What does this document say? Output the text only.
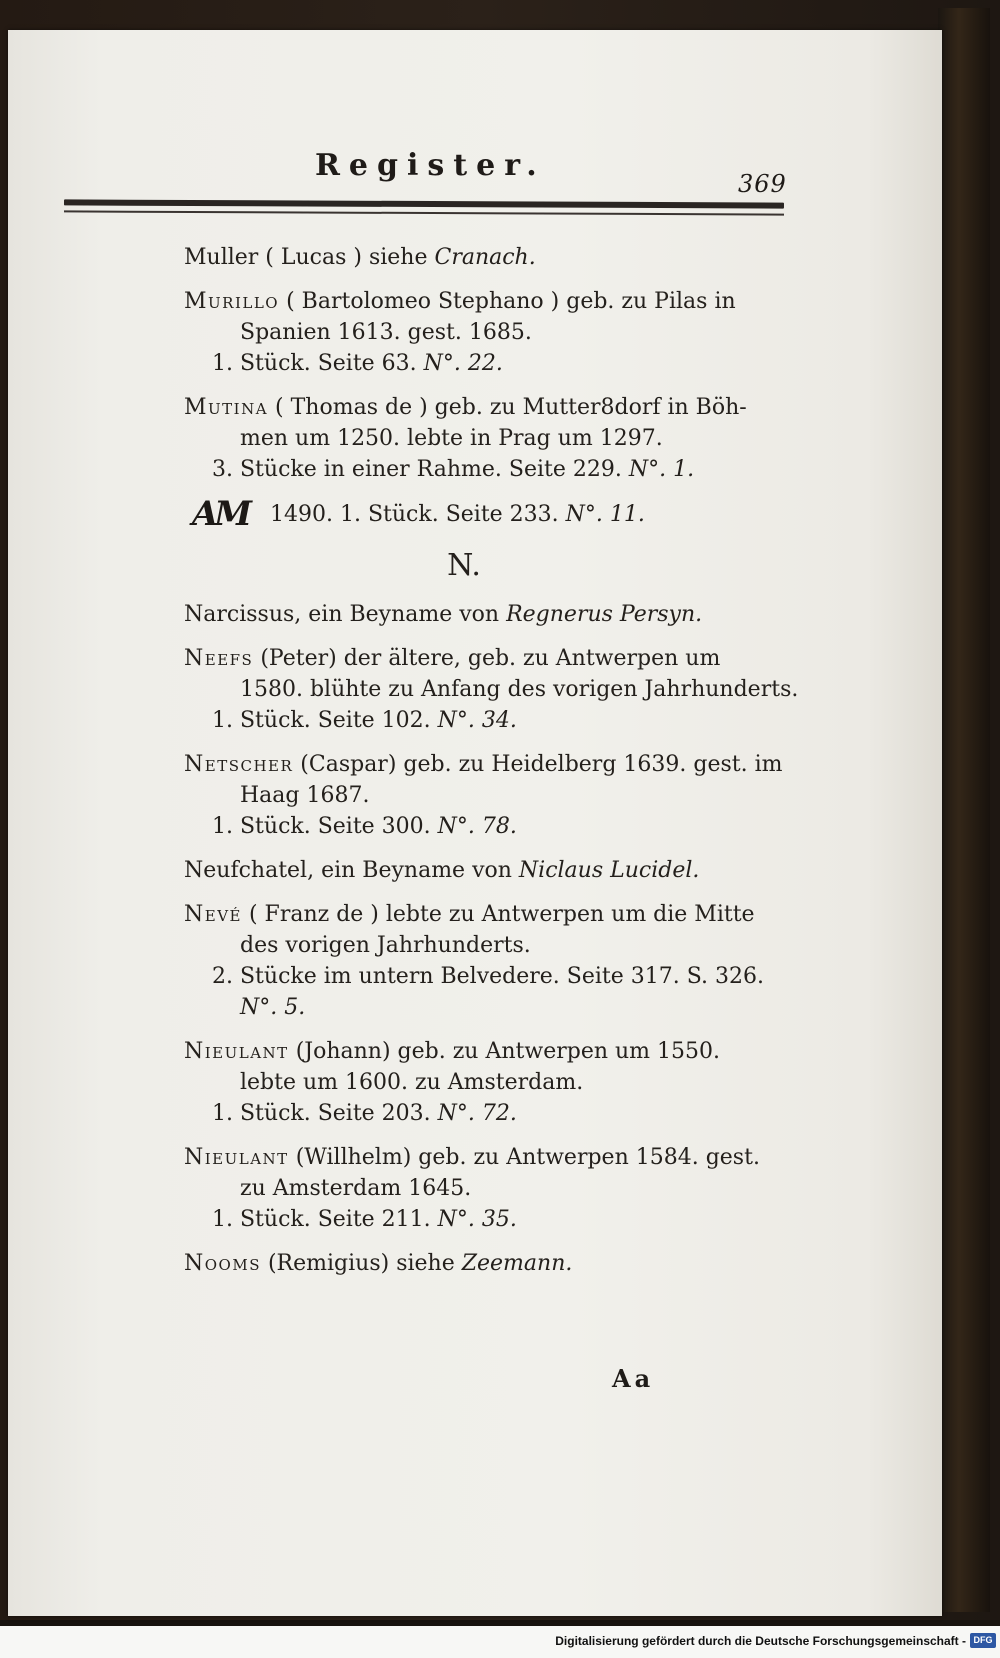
Register.
369
Muller ( Lucas ) siehe Cranach.
Murillo ( Bartolomeo Stephano ) geb. zu Pilas in
Spanien 1613. gest. 1685.
1. Stück. Seite 63. N°. 22.
Mutina ( Thomas de ) geb. zu Mutter8dorf in Böh-
men um 1250. lebte in Prag um 1297.
3. Stücke in einer Rahme. Seite 229. N°. 1.
AM 1490. 1. Stück. Seite 233. N°. 11.
N.
Narcissus, ein Beyname von Regnerus Persyn.
Neefs (Peter) der ältere, geb. zu Antwerpen um
1580. blühte zu Anfang des vorigen Jahrhunderts.
1. Stück. Seite 102. N°. 34.
Netscher (Caspar) geb. zu Heidelberg 1639. gest. im
Haag 1687.
1. Stück. Seite 300. N°. 78.
Neufchatel, ein Beyname von Niclaus Lucidel.
Nevé ( Franz de ) lebte zu Antwerpen um die Mitte
des vorigen Jahrhunderts.
2. Stücke im untern Belvedere. Seite 317. S. 326.
N°. 5.
Nieulant (Johann) geb. zu Antwerpen um 1550.
lebte um 1600. zu Amsterdam.
1. Stück. Seite 203. N°. 72.
Nieulant (Willhelm) geb. zu Antwerpen 1584. gest.
zu Amsterdam 1645.
1. Stück. Seite 211. N°. 35.
Nooms (Remigius) siehe Zeemann.
Aa
Digitalisierung gefördert durch die Deutsche Forschungsgemeinschaft - DFG
